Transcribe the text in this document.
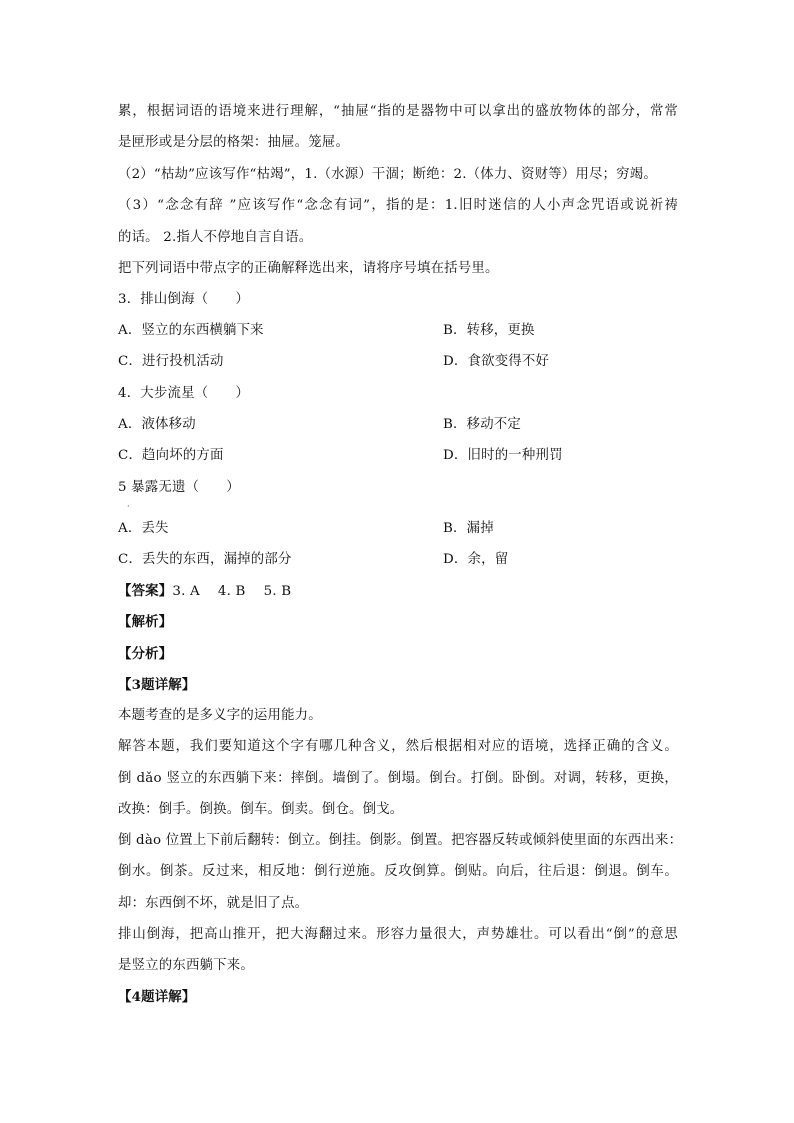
累，根据词语的语境来进行理解，“抽屉“指的是器物中可以拿出的盛放物体的部分，常常
是匣形或是分层的格架：抽屉。笼屉。
（2）“枯劫”应该写作“枯竭”，1.（水源）干涸；断绝：2.（体力、资财等）用尽；穷竭。
（3）“念念有辞 ”应该写作“念念有词”，指的是：1.旧时迷信的人小声念咒语或说祈祷
的话。 2.指人不停地自言自语。
把下列词语中带点字的正确解释选出来，请将序号填在括号里。
3．排山倒海（　　）
A．竖立的东西横躺下来	B．转移，更换
C．进行投机活动	D．食欲变得不好
4．大步流星（　　）
A．液体移动	B．移动不定
C．趋向坏的方面	D．旧时的一种刑罚
5 暴露无遗（　　）
·
A．丢失	B．漏掉
C．丢失的东西，漏掉的部分	D．余，留
【答案】3. A　 4. B　 5. B
【解析】
【分析】
【3题详解】
本题考查的是多义字的运用能力。
解答本题，我们要知道这个字有哪几种含义，然后根据相对应的语境，选择正确的含义。
倒 dǎo 竖立的东西躺下来：摔倒。墙倒了。倒塌。倒台。打倒。卧倒。对调，转移，更换，
改换：倒手。倒换。倒车。倒卖。倒仓。倒戈。
倒 dào 位置上下前后翻转：倒立。倒挂。倒影。倒置。把容器反转或倾斜使里面的东西出来：
倒水。倒茶。反过来，相反地：倒行逆施。反攻倒算。倒贴。向后，往后退：倒退。倒车。
却：东西倒不坏，就是旧了点。
排山倒海，把高山推开，把大海翻过来。形容力量很大，声势雄壮。可以看出“倒”的意思
是竖立的东西躺下来。
【4题详解】
